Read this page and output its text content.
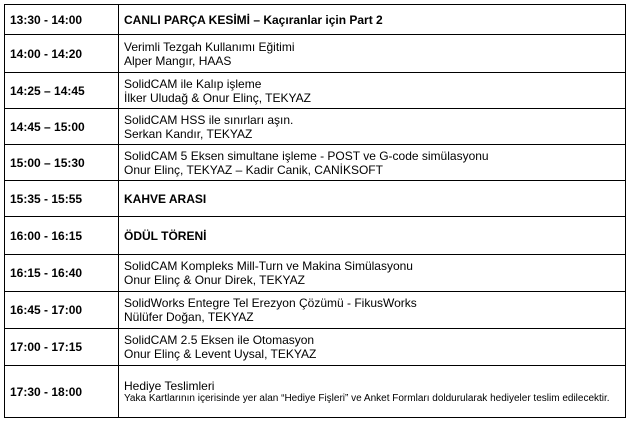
13:30 - 14:00	CANLI PARÇA KESİMİ – Kaçıranlar için Part 2

14:00 - 14:20	Verimli Tezgah Kullanımı Eğitimi
Alper Mangır, HAAS

14:25 – 14:45	SolidCAM ile Kalıp işleme
İlker Uludağ & Onur Elinç, TEKYAZ

14:45 – 15:00	SolidCAM HSS ile sınırları aşın.
Serkan Kandır, TEKYAZ

15:00 – 15:30	SolidCAM 5 Eksen simultane işleme - POST ve G-code simülasyonu
Onur Elinç, TEKYAZ – Kadir Canik, CANİKSOFT

15:35 - 15:55	KAHVE ARASI

16:00 - 16:15	ÖDÜL TÖRENİ

16:15 - 16:40	SolidCAM Kompleks Mill-Turn ve Makina Simülasyonu
Onur Elinç & Onur Direk, TEKYAZ

16:45 - 17:00	SolidWorks Entegre Tel Erezyon Çözümü - FikusWorks
Nülüfer Doğan, TEKYAZ

17:00 - 17:15	SolidCAM 2.5 Eksen ile Otomasyon
Onur Elinç & Levent Uysal, TEKYAZ

17:30 - 18:00	Hediye Teslimleri
Yaka Kartlarının içerisinde yer alan “Hediye Fişleri” ve Anket Formları doldurularak hediyeler teslim edilecektir.
